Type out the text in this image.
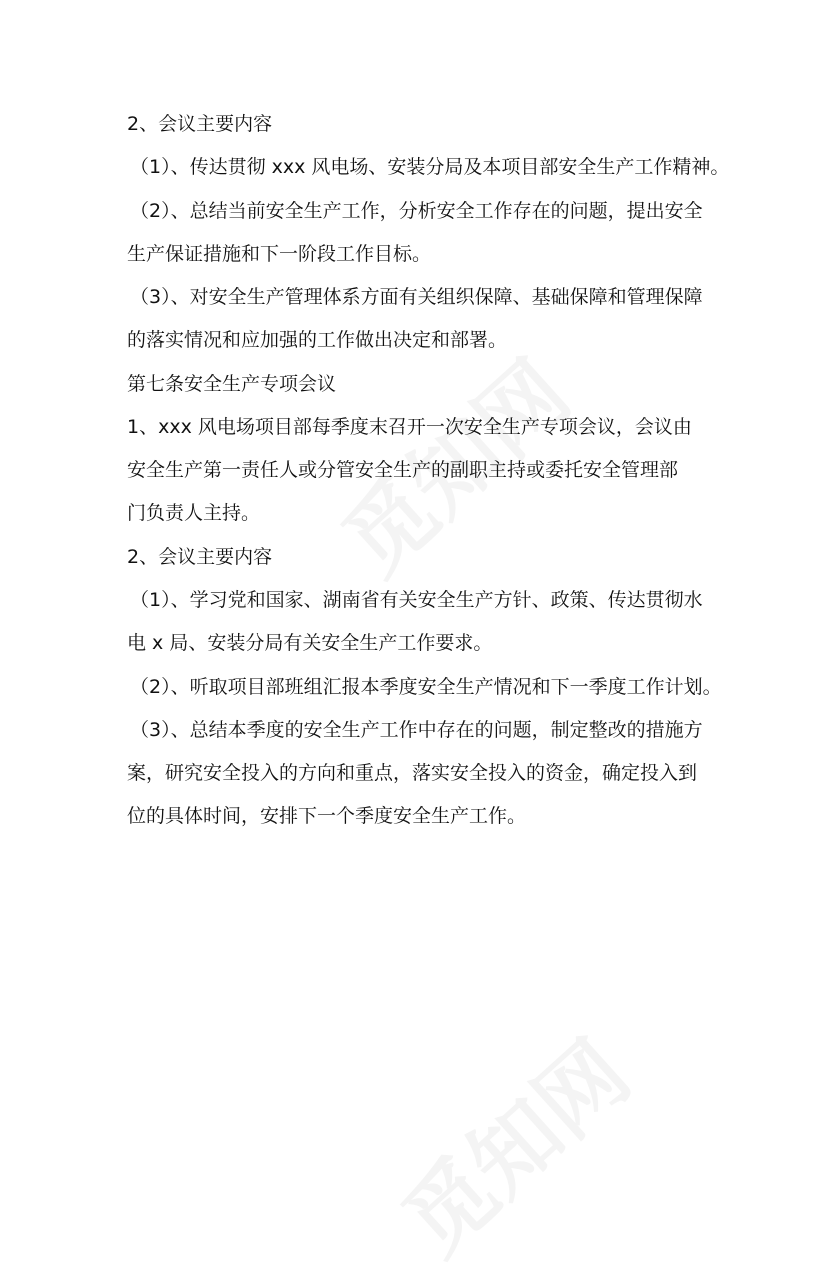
2、会议主要内容
（1）、传达贯彻 xxx 风电场、安装分局及本项目部安全生产工作精神。
（2）、总结当前安全生产工作，分析安全工作存在的问题，提出安全
生产保证措施和下一阶段工作目标。
（3）、对安全生产管理体系方面有关组织保障、基础保障和管理保障
的落实情况和应加强的工作做出决定和部署。
第七条安全生产专项会议
1、xxx 风电场项目部每季度末召开一次安全生产专项会议，会议由
安全生产第一责任人或分管安全生产的副职主持或委托安全管理部
门负责人主持。
2、会议主要内容
（1）、学习党和国家、湖南省有关安全生产方针、政策、传达贯彻水
电 x 局、安装分局有关安全生产工作要求。
（2）、听取项目部班组汇报本季度安全生产情况和下一季度工作计划。
（3）、总结本季度的安全生产工作中存在的问题，制定整改的措施方
案，研究安全投入的方向和重点，落实安全投入的资金，确定投入到
位的具体时间，安排下一个季度安全生产工作。
